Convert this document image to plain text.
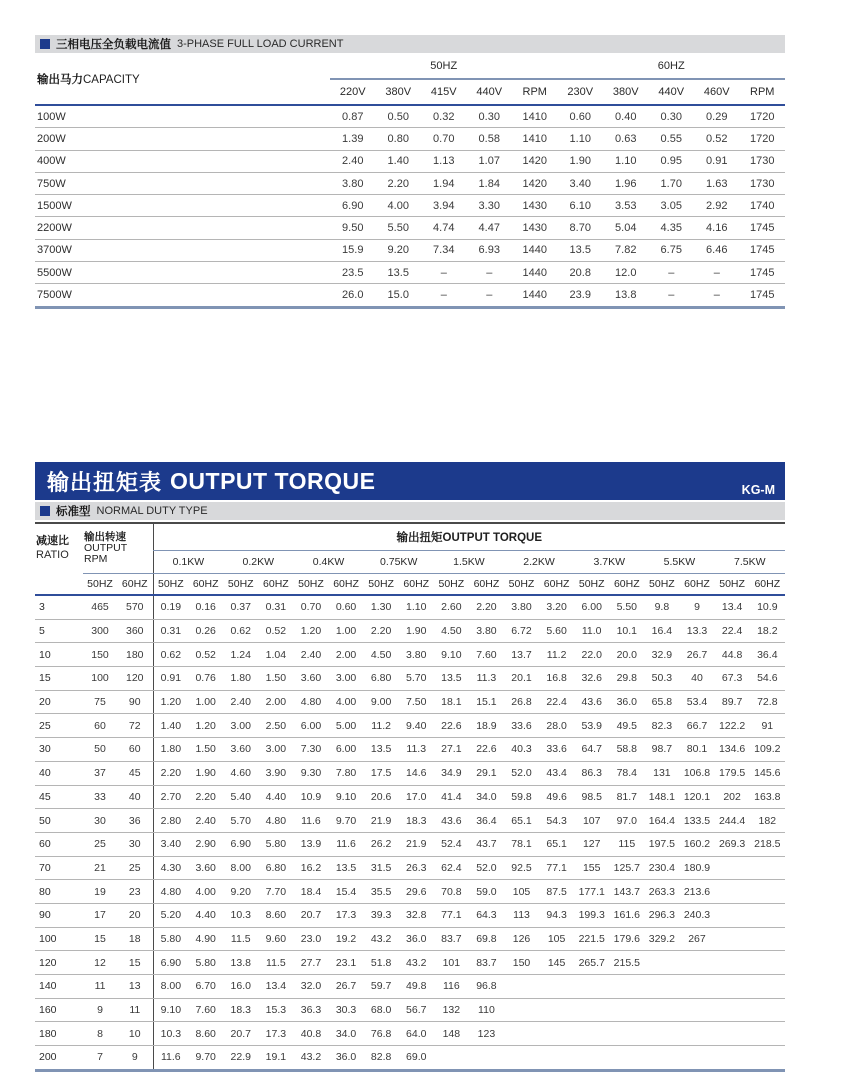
三相电压全负载电流值 3-PHASE FULL LOAD CURRENT
输出马力CAPACITY	50HZ					60HZ				
	220V	380V	415V	440V	RPM	230V	380V	440V	460V	RPM
100W	0.87	0.50	0.32	0.30	1410	0.60	0.40	0.30	0.29	1720
200W	1.39	0.80	0.70	0.58	1410	1.10	0.63	0.55	0.52	1720
400W	2.40	1.40	1.13	1.07	1420	1.90	1.10	0.95	0.91	1730
750W	3.80	2.20	1.94	1.84	1420	3.40	1.96	1.70	1.63	1730
1500W	6.90	4.00	3.94	3.30	1430	6.10	3.53	3.05	2.92	1740
2200W	9.50	5.50	4.74	4.47	1430	8.70	5.04	4.35	4.16	1745
3700W	15.9	9.20	7.34	6.93	1440	13.5	7.82	6.75	6.46	1745
5500W	23.5	13.5	–	–	1440	20.8	12.0	–	–	1745
7500W	26.0	15.0	–	–	1440	23.9	13.8	–	–	1745
输出扭矩表 OUTPUT TORQUE	KG-M
标准型 NORMAL DUTY TYPE
减速比
RATIO	输出转速
OUTPUT
RPM		输出扭矩OUTPUT TORQUE																	
			0.1KW		0.2KW		0.4KW		0.75KW		1.5KW		2.2KW		3.7KW		5.5KW		7.5KW	
	50HZ	60HZ	50HZ	60HZ	50HZ	60HZ	50HZ	60HZ	50HZ	60HZ	50HZ	60HZ	50HZ	60HZ	50HZ	60HZ	50HZ	60HZ	50HZ	60HZ
3	465	570	0.19	0.16	0.37	0.31	0.70	0.60	1.30	1.10	2.60	2.20	3.80	3.20	6.00	5.50	9.8	9	13.4	10.9
5	300	360	0.31	0.26	0.62	0.52	1.20	1.00	2.20	1.90	4.50	3.80	6.72	5.60	11.0	10.1	16.4	13.3	22.4	18.2
10	150	180	0.62	0.52	1.24	1.04	2.40	2.00	4.50	3.80	9.10	7.60	13.7	11.2	22.0	20.0	32.9	26.7	44.8	36.4
15	100	120	0.91	0.76	1.80	1.50	3.60	3.00	6.80	5.70	13.5	11.3	20.1	16.8	32.6	29.8	50.3	40	67.3	54.6
20	75	90	1.20	1.00	2.40	2.00	4.80	4.00	9.00	7.50	18.1	15.1	26.8	22.4	43.6	36.0	65.8	53.4	89.7	72.8
25	60	72	1.40	1.20	3.00	2.50	6.00	5.00	11.2	9.40	22.6	18.9	33.6	28.0	53.9	49.5	82.3	66.7	122.2	91
30	50	60	1.80	1.50	3.60	3.00	7.30	6.00	13.5	11.3	27.1	22.6	40.3	33.6	64.7	58.8	98.7	80.1	134.6	109.2
40	37	45	2.20	1.90	4.60	3.90	9.30	7.80	17.5	14.6	34.9	29.1	52.0	43.4	86.3	78.4	131	106.8	179.5	145.6
45	33	40	2.70	2.20	5.40	4.40	10.9	9.10	20.6	17.0	41.4	34.0	59.8	49.6	98.5	81.7	148.1	120.1	202	163.8
50	30	36	2.80	2.40	5.70	4.80	11.6	9.70	21.9	18.3	43.6	36.4	65.1	54.3	107	97.0	164.4	133.5	244.4	182
60	25	30	3.40	2.90	6.90	5.80	13.9	11.6	26.2	21.9	52.4	43.7	78.1	65.1	127	115	197.5	160.2	269.3	218.5
70	21	25	4.30	3.60	8.00	6.80	16.2	13.5	31.5	26.3	62.4	52.0	92.5	77.1	155	125.7	230.4	180.9		
80	19	23	4.80	4.00	9.20	7.70	18.4	15.4	35.5	29.6	70.8	59.0	105	87.5	177.1	143.7	263.3	213.6		
90	17	20	5.20	4.40	10.3	8.60	20.7	17.3	39.3	32.8	77.1	64.3	113	94.3	199.3	161.6	296.3	240.3		
100	15	18	5.80	4.90	11.5	9.60	23.0	19.2	43.2	36.0	83.7	69.8	126	105	221.5	179.6	329.2	267		
120	12	15	6.90	5.80	13.8	11.5	27.7	23.1	51.8	43.2	101	83.7	150	145	265.7	215.5				
140	11	13	8.00	6.70	16.0	13.4	32.0	26.7	59.7	49.8	116	96.8								
160	9	11	9.10	7.60	18.3	15.3	36.3	30.3	68.0	56.7	132	110								
180	8	10	10.3	8.60	20.7	17.3	40.8	34.0	76.8	64.0	148	123								
200	7	9	11.6	9.70	22.9	19.1	43.2	36.0	82.8	69.0										
